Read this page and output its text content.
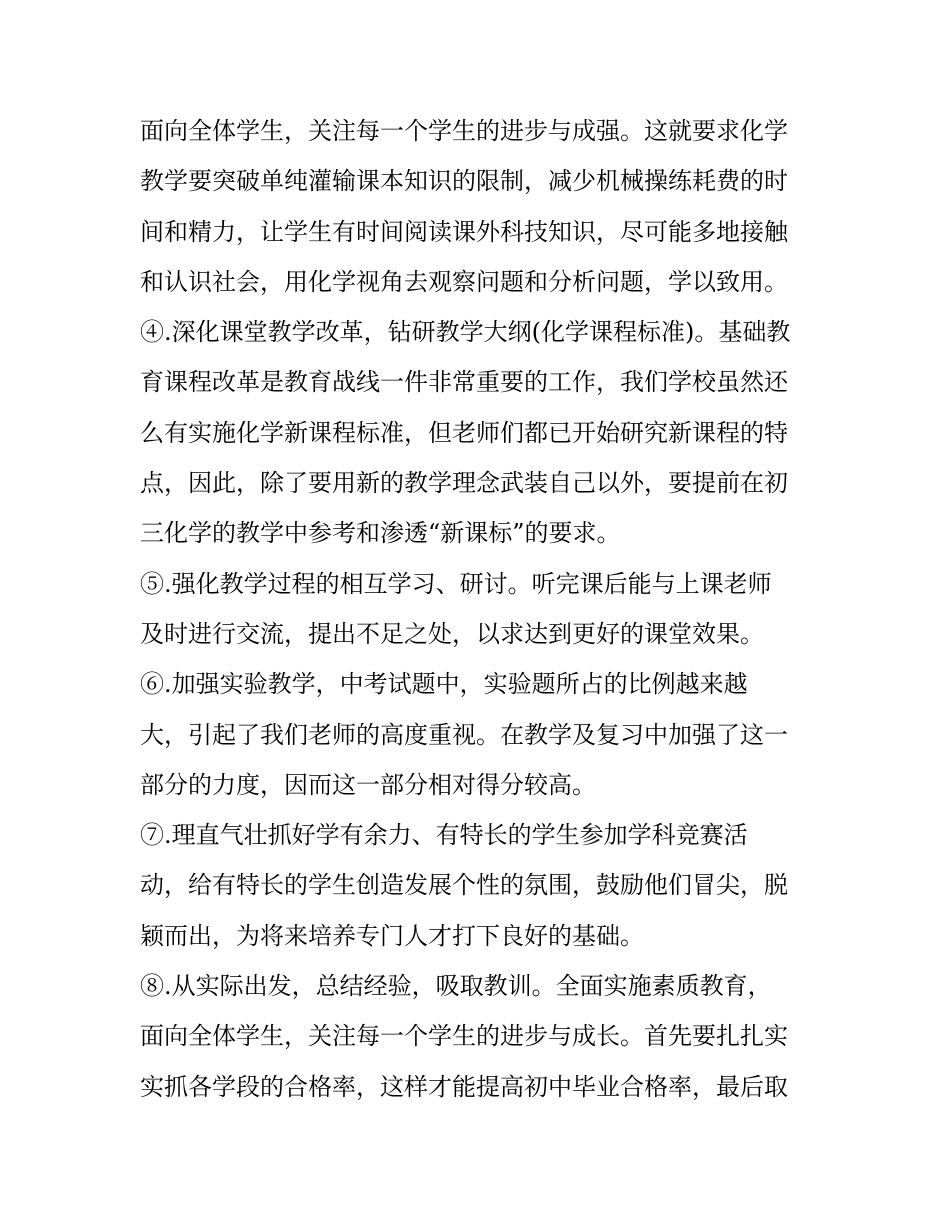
面向全体学生，关注每一个学生的进步与成强。这就要求化学
教学要突破单纯灌输课本知识的限制，减少机械操练耗费的时
间和精力，让学生有时间阅读课外科技知识，尽可能多地接触
和认识社会，用化学视角去观察问题和分析问题，学以致用。
④.深化课堂教学改革，钻研教学大纲(化学课程标准)。基础教
育课程改革是教育战线一件非常重要的工作，我们学校虽然还
么有实施化学新课程标准，但老师们都已开始研究新课程的特
点，因此，除了要用新的教学理念武装自己以外，要提前在初
三化学的教学中参考和渗透“新课标”的要求。
⑤.强化教学过程的相互学习、研讨。听完课后能与上课老师
及时进行交流，提出不足之处，以求达到更好的课堂效果。
⑥.加强实验教学，中考试题中，实验题所占的比例越来越
大，引起了我们老师的高度重视。在教学及复习中加强了这一
部分的力度，因而这一部分相对得分较高。
⑦.理直气壮抓好学有余力、有特长的学生参加学科竞赛活
动，给有特长的学生创造发展个性的氛围，鼓励他们冒尖，脱
颖而出，为将来培养专门人才打下良好的基础。
⑧.从实际出发，总结经验，吸取教训。全面实施素质教育，
面向全体学生，关注每一个学生的进步与成长。首先要扎扎实
实抓各学段的合格率，这样才能提高初中毕业合格率，最后取
